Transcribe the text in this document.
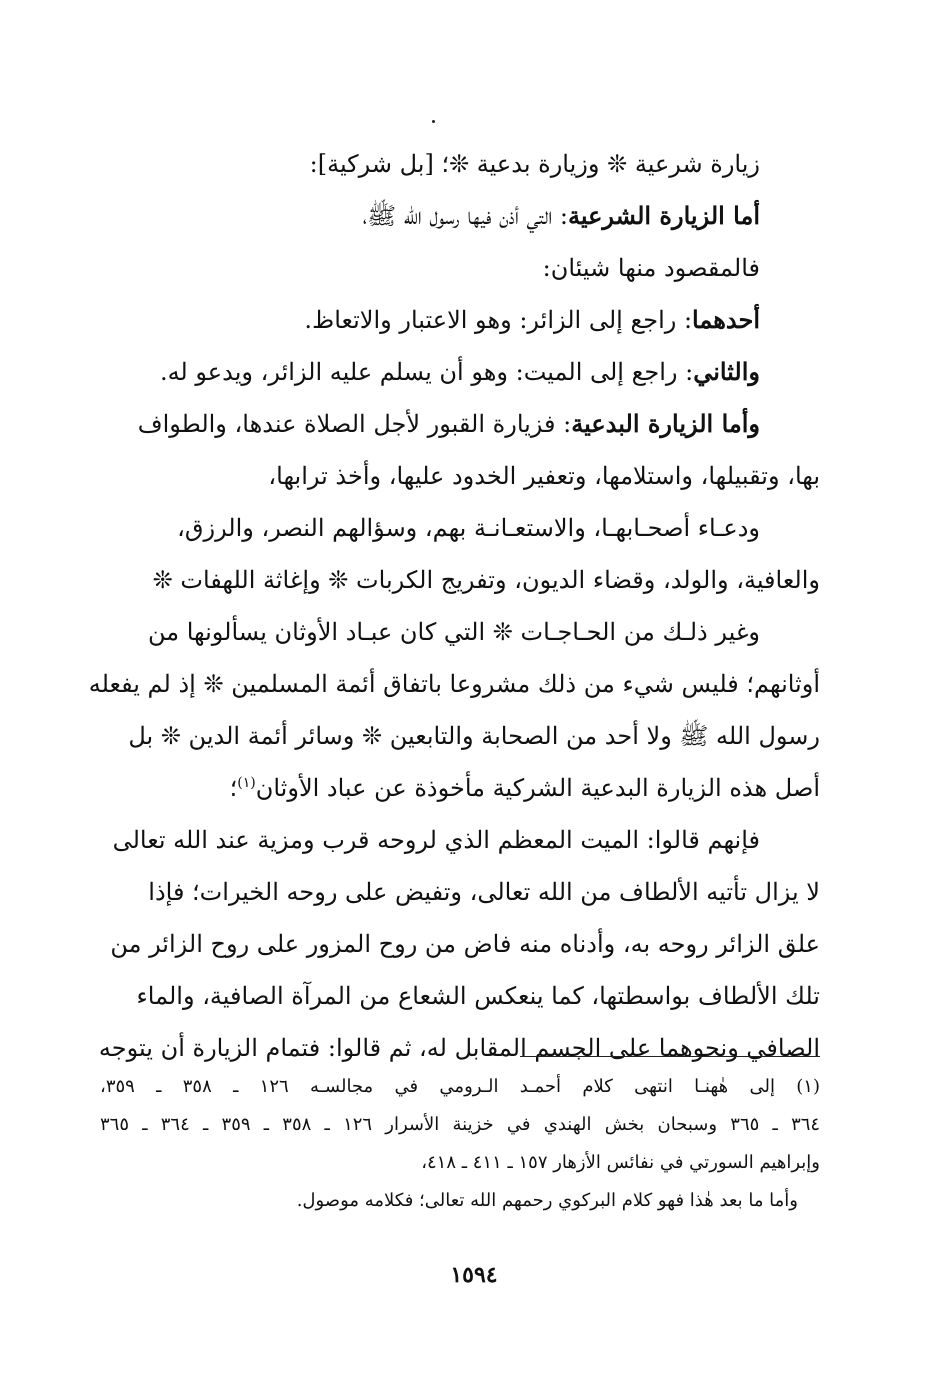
زيارة شرعية ❊ وزيارة بدعية ❊؛ [بل شركية]:

أما الزيارة الشرعية: التي أذن فيها رسول الله ﷺ،

فالمقصود منها شيئان:

أحدهما: راجع إلى الزائر: وهو الاعتبار والاتعاظ.

والثاني: راجع إلى الميت: وهو أن يسلم عليه الزائر، ويدعو له.

وأما الزيارة البدعية: فزيارة القبور لأجل الصلاة عندها، والطواف

بها، وتقبيلها، واستلامها، وتعفير الخدود عليها، وأخذ ترابها،

ودعـاء أصحـابهـا، والاستعـانـة بهم، وسؤالهم النصر، والرزق،

والعافية، والولد، وقضاء الديون، وتفريج الكربات ❊ وإغاثة اللهفات ❊

وغير ذلـك من الحـاجـات ❊ التي كان عبـاد الأوثان يسألونها من

أوثانهم؛ فليس شيء من ذلك مشروعا باتفاق أئمة المسلمين ❊ إذ لم يفعله

رسول الله ﷺ ولا أحد من الصحابة والتابعين ❊ وسائر أئمة الدين ❊ بل

أصل هذه الزيارة البدعية الشركية مأخوذة عن عباد الأوثان$^{(١)}$؛

فإنهم قالوا: الميت المعظم الذي لروحه قرب ومزية عند الله تعالى

لا يزال تأتيه الألطاف من الله تعالى، وتفيض على روحه الخيرات؛ فإذا

علق الزائر روحه به، وأدناه منه فاض من روح المزور على روح الزائر من

تلك الألطاف بواسطتها، كما ينعكس الشعاع من المرآة الصافية، والماء

الصافي ونحوهما على الجسم المقابل له، ثم قالوا: فتمام الزيارة أن يتوجه

(١) إلى هٰهنـا انتهى كلام أحمـد الـرومي في مجالسـه ١٢٦ ـ ٣٥٨ ـ ٣٥٩،

٣٦٤ ـ ٣٦٥ وسبحان بخش الهندي في خزينة الأسرار ١٢٦ ـ ٣٥٨ ـ ٣٥٩ ـ ٣٦٤ ـ ٣٦٥

وإبراهيم السورتي في نفائس الأزهار ١٥٧ ـ ٤١١ ـ ٤١٨،

وأما ما بعد هٰذا فهو كلام البركوي رحمهم الله تعالى؛ فكلامه موصول.

١٥٩٤
